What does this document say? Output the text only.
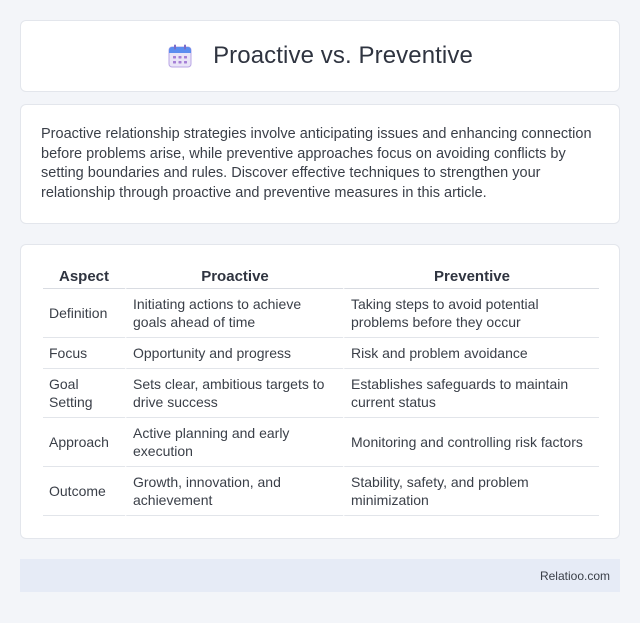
Proactive vs. Preventive

Proactive relationship strategies involve anticipating issues and enhancing connection before problems arise, while preventive approaches focus on avoiding conflicts by setting boundaries and rules. Discover effective techniques to strengthen your relationship through proactive and preventive measures in this article.

Aspect	Proactive	Preventive
Definition	Initiating actions to achieve goals ahead of time	Taking steps to avoid potential problems before they occur
Focus	Opportunity and progress	Risk and problem avoidance
Goal Setting	Sets clear, ambitious targets to drive success	Establishes safeguards to maintain current status
Approach	Active planning and early execution	Monitoring and controlling risk factors
Outcome	Growth, innovation, and achievement	Stability, safety, and problem minimization
Relatioo.com
